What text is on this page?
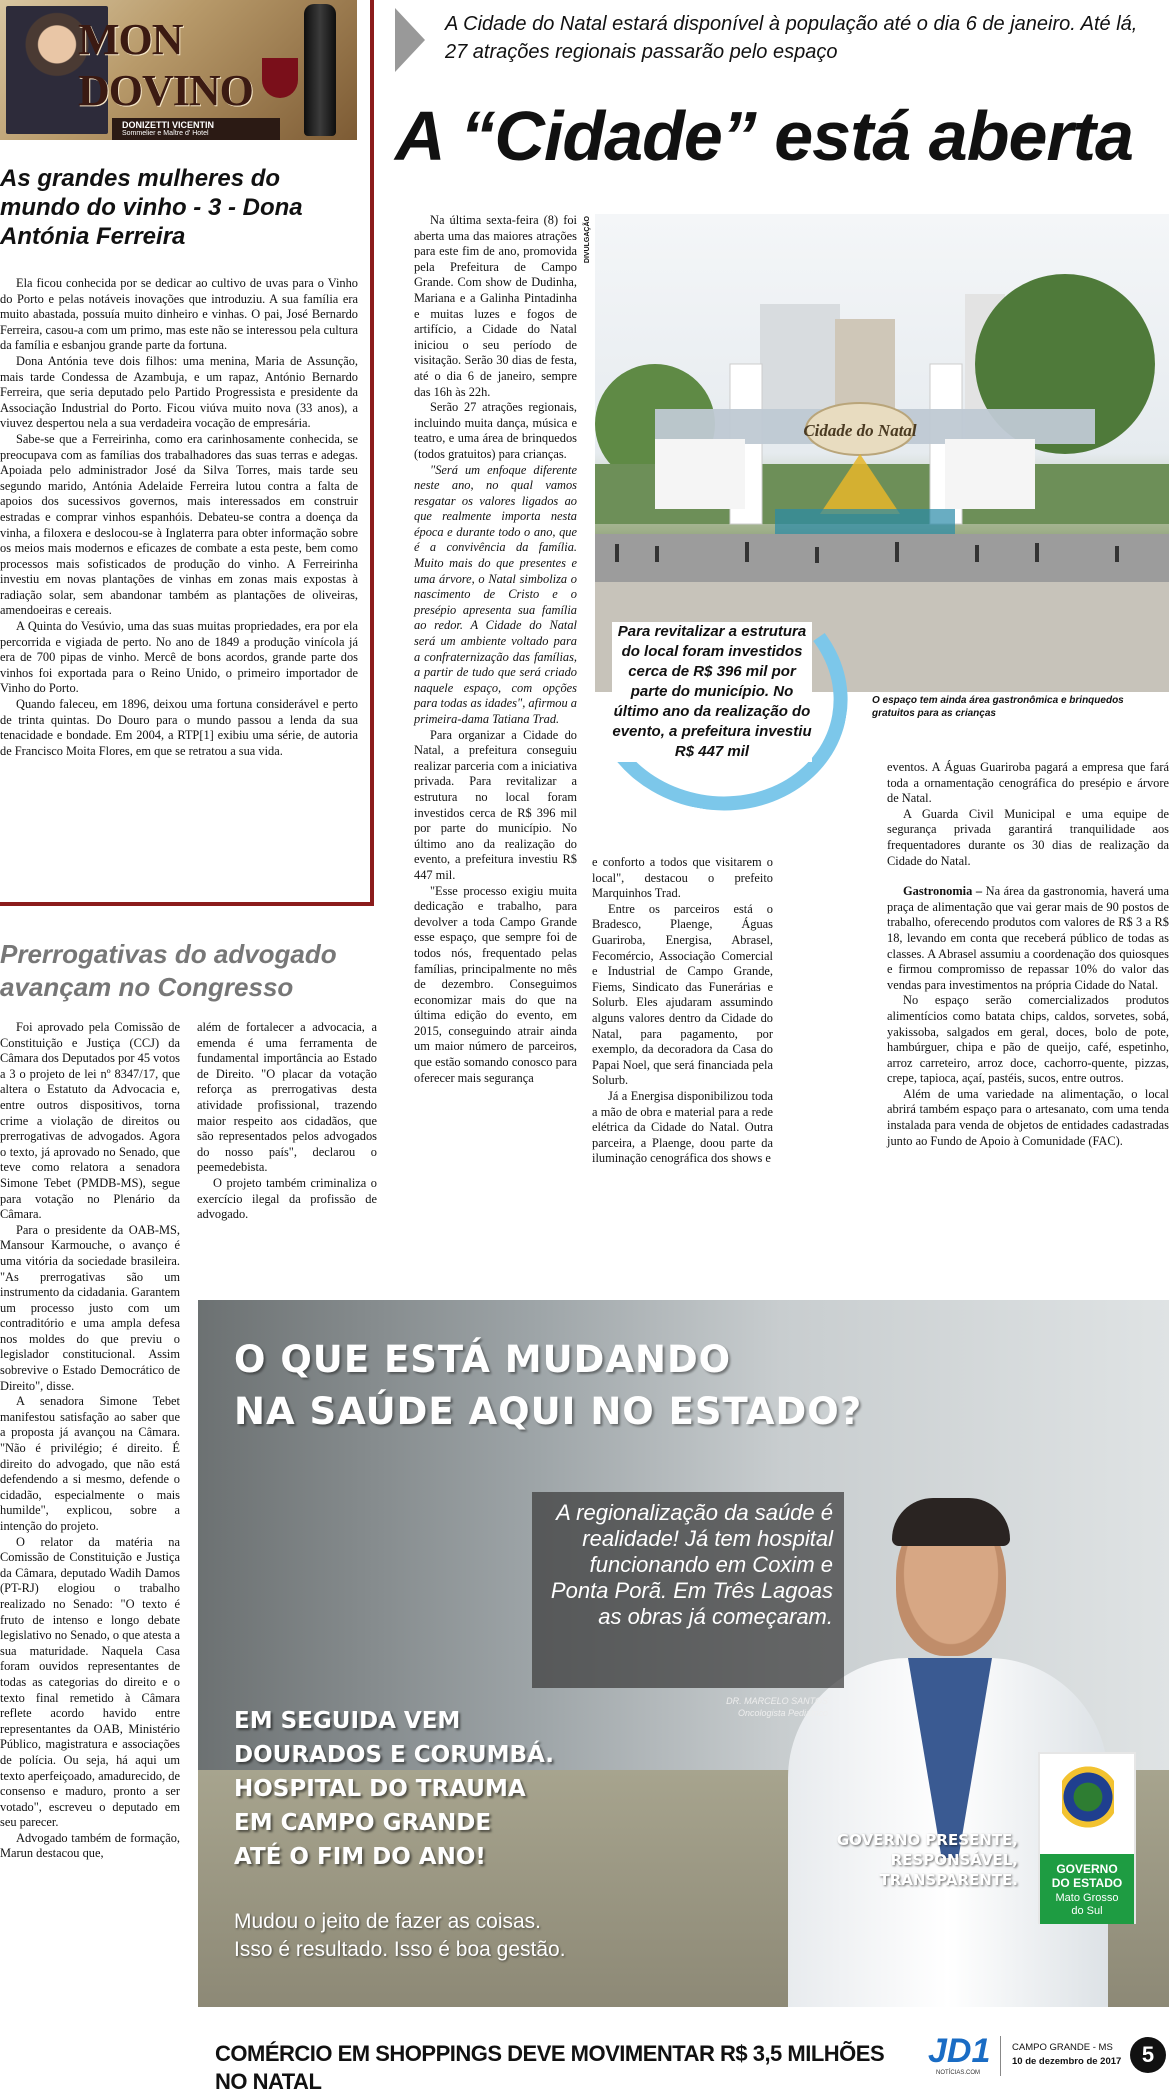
MON DOVINO
DONIZETTI VICENTIN
Sommelier e Maître d' Hotel
As grandes mulheres do mundo do vinho - 3 - Dona Antónia Ferreira

Ela ficou conhecida por se dedicar ao cultivo de uvas para o Vinho do Porto e pelas notáveis inovações que introduziu. A sua família era muito abastada, possuía muito dinheiro e vinhas. O pai, José Bernardo Ferreira, casou-a com um primo, mas este não se interessou pela cultura da família e esbanjou grande parte da fortuna.

Dona Antónia teve dois filhos: uma menina, Maria de Assunção, mais tarde Condessa de Azambuja, e um rapaz, António Bernardo Ferreira, que seria deputado pelo Partido Progressista e presidente da Associação Industrial do Porto. Ficou viúva muito nova (33 anos), a viuvez despertou nela a sua verdadeira vocação de empresária.

Sabe-se que a Ferreirinha, como era carinhosamente conhecida, se preocupava com as famílias dos trabalhadores das suas terras e adegas. Apoiada pelo administrador José da Silva Torres, mais tarde seu segundo marido, Antónia Adelaide Ferreira lutou contra a falta de apoios dos sucessivos governos, mais interessados em construir estradas e comprar vinhos espanhóis. Debateu-se contra a doença da vinha, a filoxera e deslocou-se à Inglaterra para obter informação sobre os meios mais modernos e eficazes de combate a esta peste, bem como processos mais sofisticados de produção do vinho. A Ferreirinha investiu em novas plantações de vinhas em zonas mais expostas à radiação solar, sem abandonar também as plantações de oliveiras, amendoeiras e cereais.

A Quinta do Vesúvio, uma das suas muitas propriedades, era por ela percorrida e vigiada de perto. No ano de 1849 a produção vinícola já era de 700 pipas de vinho. Mercê de bons acordos, grande parte dos vinhos foi exportada para o Reino Unido, o primeiro importador de Vinho do Porto.

Quando faleceu, em 1896, deixou uma fortuna considerável e perto de trinta quintas. Do Douro para o mundo passou a lenda da sua tenacidade e bondade. Em 2004, a RTP[1] exibiu uma série, de autoria de Francisco Moita Flores, em que se retratou a sua vida.

Prerrogativas do advogado avançam no Congresso

Foi aprovado pela Comissão de Constituição e Justiça (CCJ) da Câmara dos Deputados por 45 votos a 3 o projeto de lei nº 8347/17, que altera o Estatuto da Advocacia e, entre outros dispositivos, torna crime a violação de direitos ou prerrogativas de advogados. Agora o texto, já aprovado no Senado, que teve como relatora a senadora Simone Tebet (PMDB-MS), segue para votação no Plenário da Câmara.

Para o presidente da OAB-MS, Mansour Karmouche, o avanço é uma vitória da sociedade brasileira. "As prerrogativas são um instrumento da cidadania. Garantem um processo justo com um contraditório e uma ampla defesa nos moldes do que previu o legislador constitucional. Assim sobrevive o Estado Democrático de Direito", disse.

A senadora Simone Tebet manifestou satisfação ao saber que a proposta já avançou na Câmara. "Não é privilégio; é direito. É direito do advogado, que não está defendendo a si mesmo, defende o cidadão, especialmente o mais humilde", explicou, sobre a intenção do projeto.

O relator da matéria na Comissão de Constituição e Justiça da Câmara, deputado Wadih Damos (PT-RJ) elogiou o trabalho realizado no Senado: "O texto é fruto de intenso e longo debate legislativo no Senado, o que atesta a sua maturidade. Naquela Casa foram ouvidos representantes de todas as categorias do direito e o texto final remetido à Câmara reflete acordo havido entre representantes da OAB, Ministério Público, magistratura e associações de polícia. Ou seja, há aqui um texto aperfeiçoado, amadurecido, de consenso e maduro, pronto a ser votado", escreveu o deputado em seu parecer.

Advogado também de formação, Marun destacou que,

além de fortalecer a advocacia, a emenda é uma ferramenta de fundamental importância ao Estado de Direito. "O placar da votação reforça as prerrogativas desta atividade profissional, trazendo maior respeito aos cidadãos, que são representados pelos advogados do nosso país", declarou o peemedebista.

O projeto também criminaliza o exercício ilegal da profissão de advogado.

A Cidade do Natal estará disponível à população até o dia 6 de janeiro. Até lá, 27 atrações regionais passarão pelo espaço
A “Cidade” está aberta

Na última sexta-feira (8) foi aberta uma das maiores atrações para este fim de ano, promovida pela Prefeitura de Campo Grande. Com show de Dudinha, Mariana e a Galinha Pintadinha e muitas luzes e fogos de artifício, a Cidade do Natal iniciou o seu período de visitação. Serão 30 dias de festa, até o dia 6 de janeiro, sempre das 16h às 22h.

Serão 27 atrações regionais, incluindo muita dança, música e teatro, e uma área de brinquedos (todos gratuitos) para crianças.

"Será um enfoque diferente neste ano, no qual vamos resgatar os valores ligados ao que realmente importa nesta época e durante todo o ano, que é a convivência da família. Muito mais do que presentes e uma árvore, o Natal simboliza o nascimento de Cristo e o presépio apresenta sua família ao redor. A Cidade do Natal será um ambiente voltado para a confraternização das famílias, a partir de tudo que será criado naquele espaço, com opções para todas as idades", afirmou a primeira-dama Tatiana Trad.

Para organizar a Cidade do Natal, a prefeitura conseguiu realizar parceria com a iniciativa privada. Para revitalizar a estrutura no local foram investidos cerca de R$ 396 mil por parte do município. No último ano da realização do evento, a prefeitura investiu R$ 447 mil.

"Esse processo exigiu muita dedicação e trabalho, para devolver a toda Campo Grande esse espaço, que sempre foi de todos nós, frequentado pelas famílias, principalmente no mês de dezembro. Conseguimos economizar mais do que na última edição do evento, em 2015, conseguindo atrair ainda um maior número de parceiros, que estão somando conosco para oferecer mais segurança

DIVULGAÇÃO
Cidade do Natal
O espaço tem ainda área gastronômica e brinquedos gratuitos para as crianças
Para revitalizar a estrutura do local foram investidos cerca de R$ 396 mil por parte do município. No último ano da realização do evento, a prefeitura investiu R$ 447 mil

e conforto a todos que visitarem o local", destacou o prefeito Marquinhos Trad.

Entre os parceiros está o Bradesco, Plaenge, Águas Guariroba, Energisa, Abrasel, Fecomércio, Associação Comercial e Industrial de Campo Grande, Fiems, Sindicato das Funerárias e Solurb. Eles ajudaram assumindo alguns valores dentro da Cidade do Natal, para pagamento, por exemplo, da decoradora da Casa do Papai Noel, que será financiada pela Solurb.

Já a Energisa disponibilizou toda a mão de obra e material para a rede elétrica da Cidade do Natal. Outra parceira, a Plaenge, doou parte da iluminação cenográfica dos shows e

eventos. A Águas Guariroba pagará a empresa que fará toda a ornamentação cenográfica do presépio e árvore de Natal.

A Guarda Civil Municipal e uma equipe de segurança privada garantirá tranquilidade aos frequentadores durante os 30 dias de realização da Cidade do Natal.

Gastronomia – Na área da gastronomia, haverá uma praça de alimentação que vai gerar mais de 90 postos de trabalho, oferecendo produtos com valores de R$ 3 a R$ 18, levando em conta que receberá público de todas as classes. A Abrasel assumiu a coordenação dos quiosques e firmou compromisso de repassar 10% do valor das vendas para investimentos na própria Cidade do Natal.

No espaço serão comercializados produtos alimentícios como batata chips, caldos, sorvetes, sobá, yakissoba, salgados em geral, doces, bolo de pote, hambúrguer, chipa e pão de queijo, café, espetinho, arroz carreteiro, arroz doce, cachorro-quente, pizzas, crepe, tapioca, açaí, pastéis, sucos, entre outros.

Além de uma variedade na alimentação, o local abrirá também espaço para o artesanato, com uma tenda instalada para venda de objetos de entidades cadastradas junto ao Fundo de Apoio à Comunidade (FAC).

O QUE ESTÁ MUDANDO
NA SAÚDE AQUI NO ESTADO?
A regionalização da saúde é realidade! Já tem hospital funcionando em Coxim e Ponta Porã. Em Três Lagoas as obras já começaram.
DR. MARCELO SANTOS
Oncologista Pediátrico
EM SEGUIDA VEM
DOURADOS E CORUMBÁ.
HOSPITAL DO TRAUMA
EM CAMPO GRANDE
ATÉ O FIM DO ANO!
Mudou o jeito de fazer as coisas.
Isso é resultado. Isso é boa gestão.
GOVERNO PRESENTE,
RESPONSÁVEL,
TRANSPARENTE.
GOVERNO
DO ESTADO
Mato Grosso
do Sul
COMÉRCIO EM SHOPPINGS DEVE MOVIMENTAR R$ 3,5 MILHÕES NO NATAL
JD1
NOTÍCIAS.COM
CAMPO GRANDE - MS
10 de dezembro de 2017 5
